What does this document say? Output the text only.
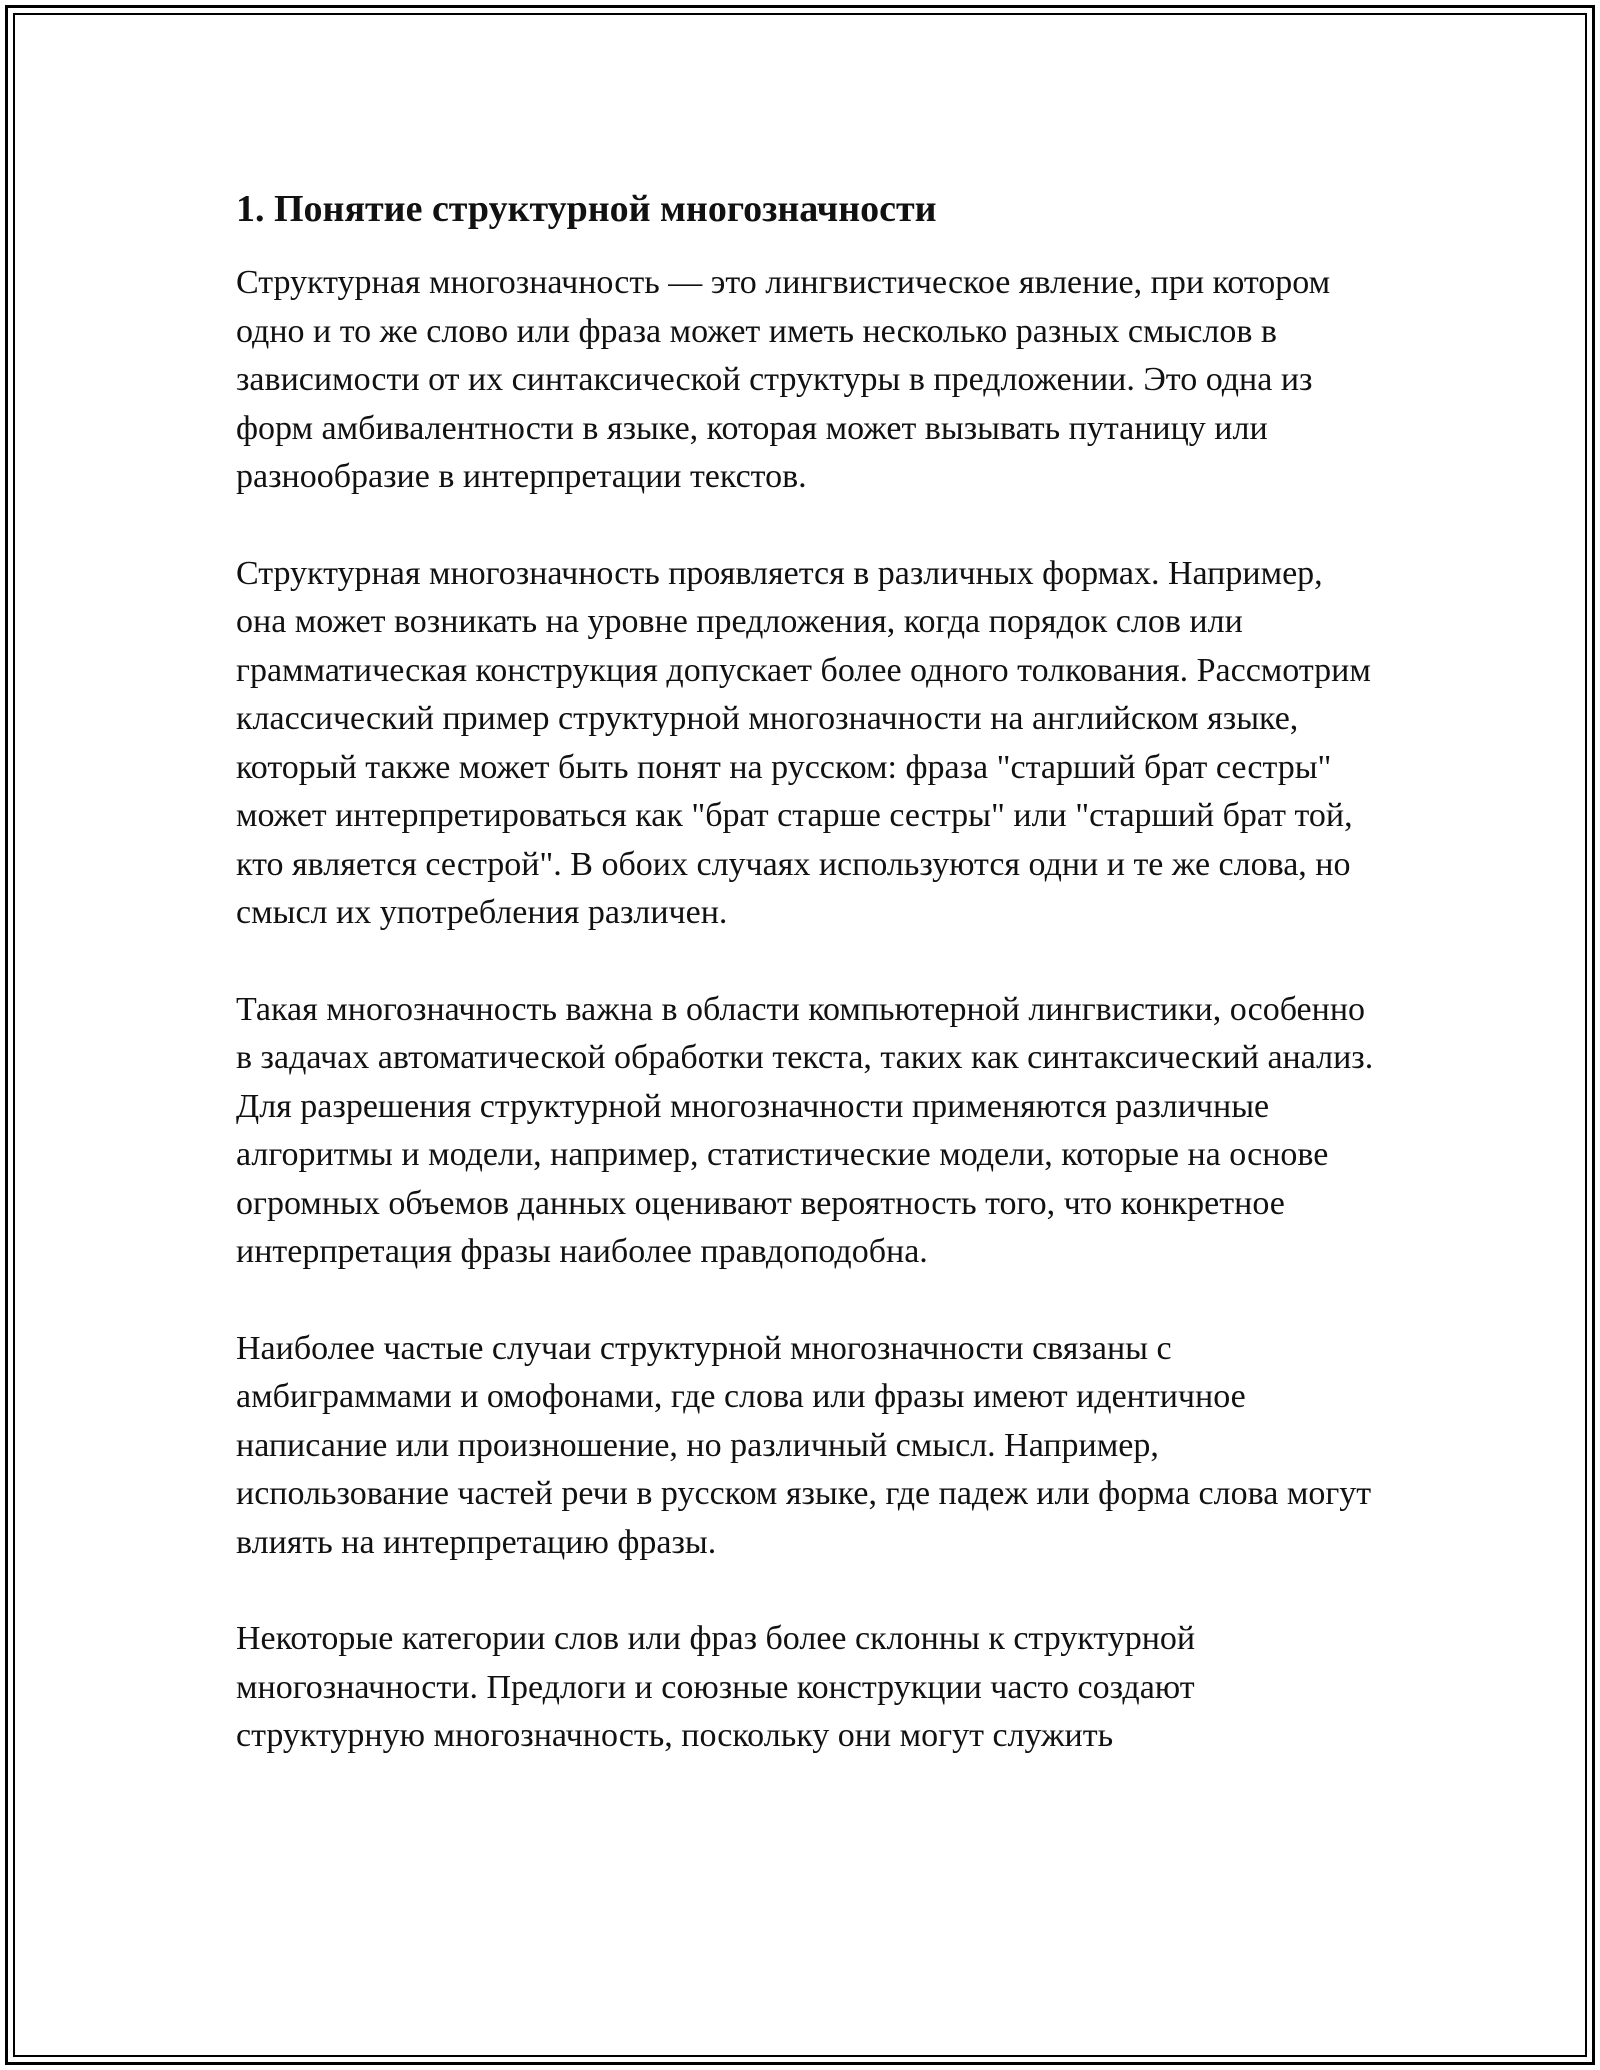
1. Понятие структурной многозначности

Структурная многозначность — это лингвистическое явление, при котором одно и то же слово или фраза может иметь несколько разных смыслов в зависимости от их синтаксической структуры в предложении. Это одна из форм амбивалентности в языке, которая может вызывать путаницу или разнообразие в интерпретации текстов.

Структурная многозначность проявляется в различных формах. Например, она может возникать на уровне предложения, когда порядок слов или грамматическая конструкция допускает более одного толкования. Рассмотрим классический пример структурной многозначности на английском языке, который также может быть понят на русском: фраза "старший брат сестры" может интерпретироваться как "брат старше сестры" или "старший брат той, кто является сестрой". В обоих случаях используются одни и те же слова, но смысл их употребления различен.

Такая многозначность важна в области компьютерной лингвистики, особенно в задачах автоматической обработки текста, таких как синтаксический анализ. Для разрешения структурной многозначности применяются различные алгоритмы и модели, например, статистические модели, которые на основе огромных объемов данных оценивают вероятность того, что конкретное интерпретация фразы наиболее правдоподобна.

Наиболее частые случаи структурной многозначности связаны с амбиграммами и омофонами, где слова или фразы имеют идентичное написание или произношение, но различный смысл. Например, использование частей речи в русском языке, где падеж или форма слова могут влиять на интерпретацию фразы.

Некоторые категории слов или фраз более склонны к структурной многозначности. Предлоги и союзные конструкции часто создают структурную многозначность, поскольку они могут служить
